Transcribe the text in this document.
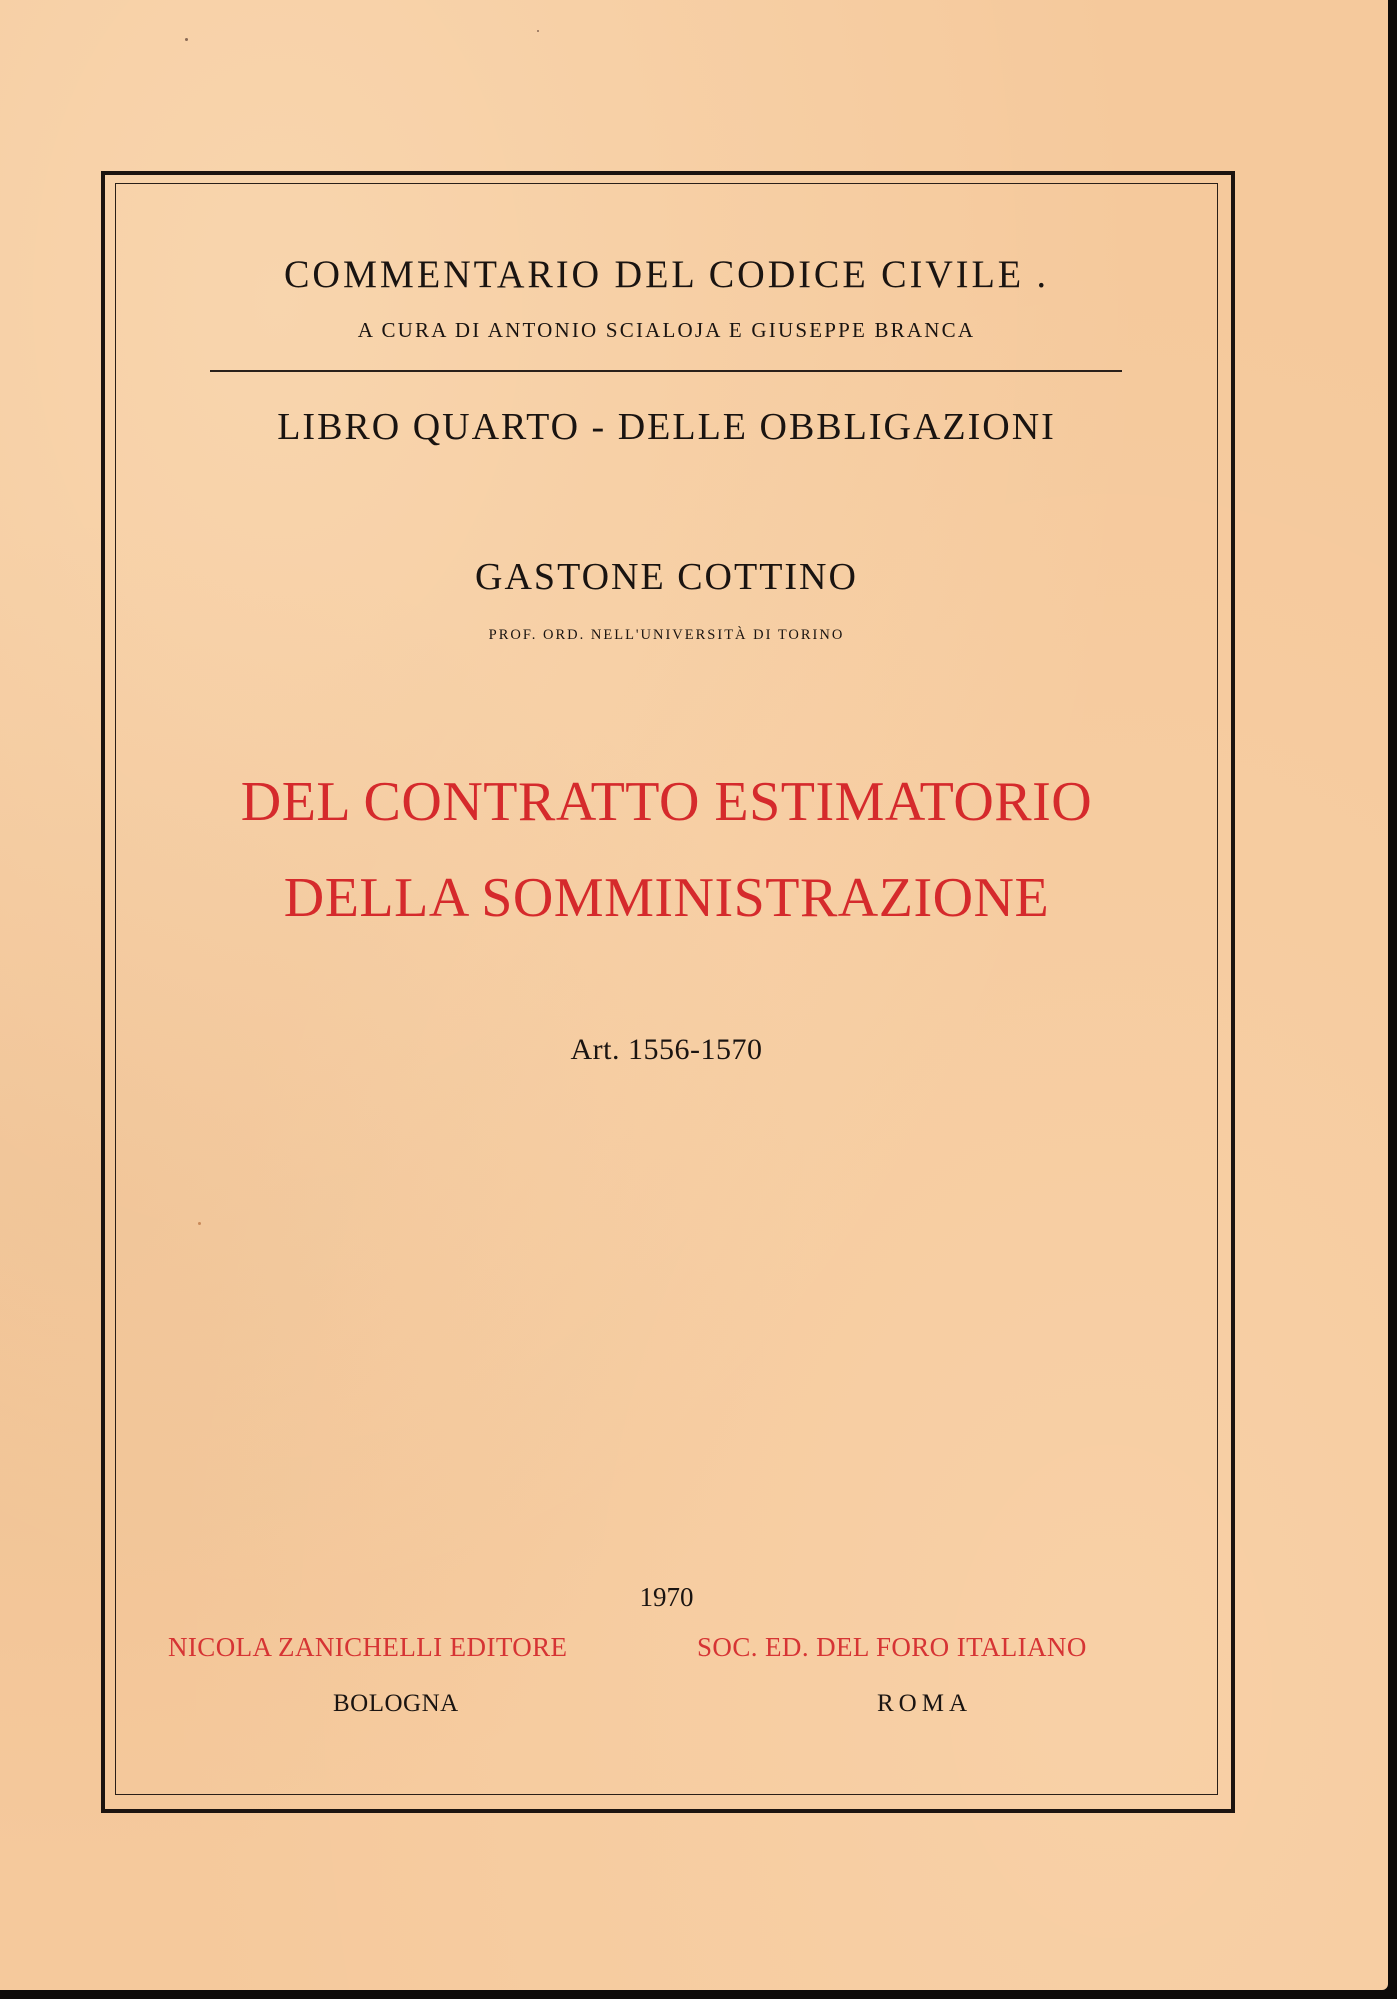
COMMENTARIO DEL CODICE CIVILE .
A CURA DI ANTONIO SCIALOJA E GIUSEPPE BRANCA
LIBRO QUARTO - DELLE OBBLIGAZIONI
GASTONE COTTINO
PROF. ORD. NELL'UNIVERSITÀ DI TORINO
DEL CONTRATTO ESTIMATORIO
DELLA SOMMINISTRAZIONE
Art. 1556-1570
1970
NICOLA ZANICHELLI EDITORE	SOC. ED. DEL FORO ITALIANO
BOLOGNA	ROMA
